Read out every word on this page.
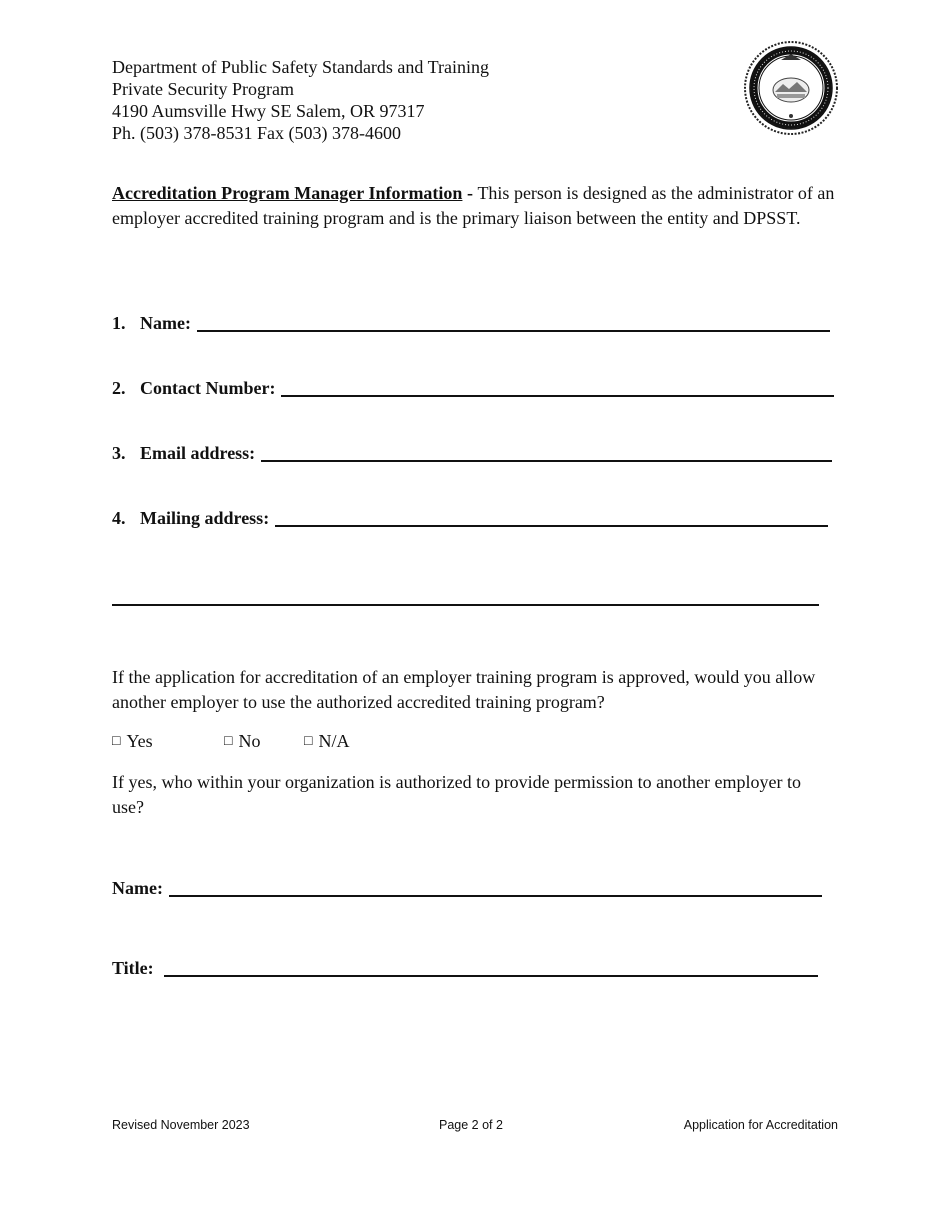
Department of Public Safety Standards and Training
Private Security Program
4190 Aumsville Hwy SE Salem, OR 97317
Ph. (503) 378-8531 Fax (503) 378-4600
Accreditation Program Manager Information - This person is designed as the administrator of an employer accredited training program and is the primary liaison between the entity and DPSST.
1. Name:
2. Contact Number:
3. Email address:
4. Mailing address:
If the application for accreditation of an employer training program is approved, would you allow another employer to use the authorized accredited training program?
□ Yes	□ No	□ N/A
If yes, who within your organization is authorized to provide permission to another employer to use?
Name:
Title:
Revised November 2023	Page 2 of 2	Application for Accreditation
